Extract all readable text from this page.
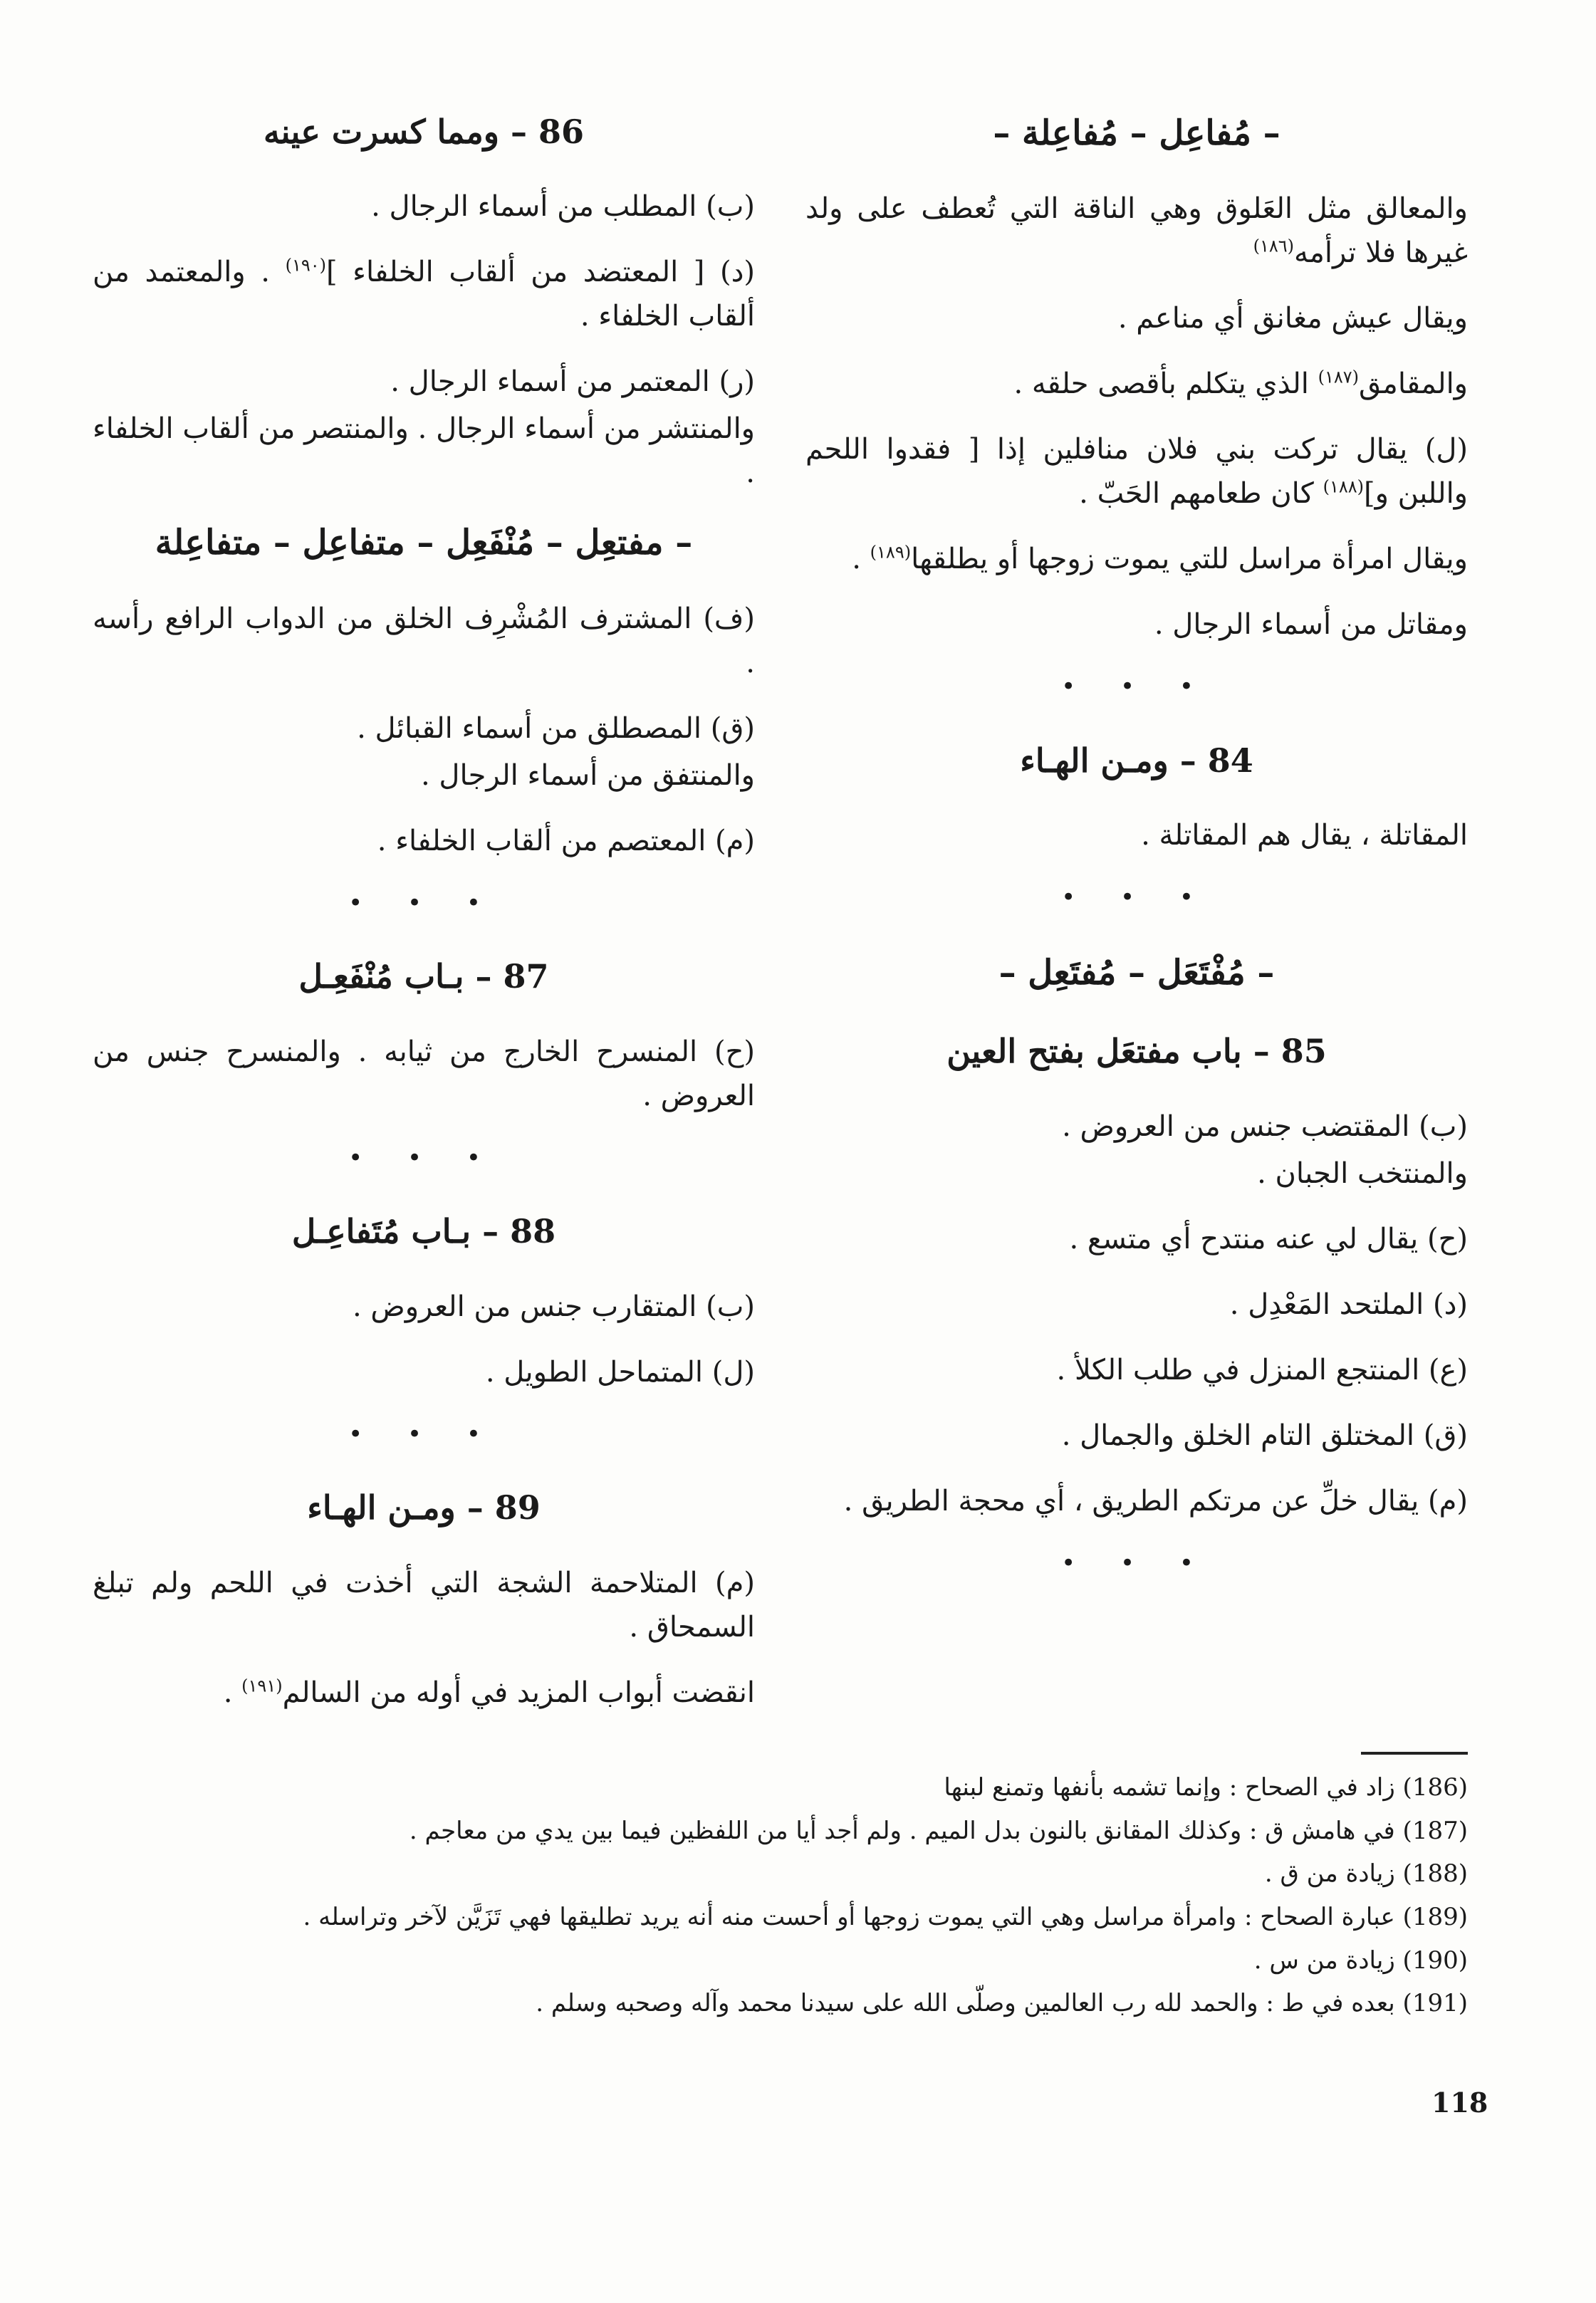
– مُفاعِل – مُفاعِلة –

والمعالق مثل العَلوق وهي الناقة التي تُعطف على ولد غيرها فلا ترأمه$^{(١٨٦)}$

ويقال عيش مغانق أي مناعم .

والمقامق$^{(١٨٧)}$ الذي يتكلم بأقصى حلقه .

(ل) يقال تركت بني فلان منافلين إذا [ فقدوا اللحم واللبن و]$^{(١٨٨)}$ كان طعامهم الحَبّ .

ويقال امرأة مراسل للتي يموت زوجها أو يطلقها$^{(١٨٩)}$ .

ومقاتل من أسماء الرجال .

• • •
84 – ومـن الهـاء

المقاتلة ، يقال هم المقاتلة .

• • •
– مُفْتَعَل – مُفتَعِل –
85 – باب مفتعَل بفتح العين

(ب) المقتضب جنس من العروض .

والمنتخب الجبان .

(ح) يقال لي عنه منتدح أي متسع .

(د) الملتحد المَعْدِل .

(ع) المنتجع المنزل في طلب الكلأ .

(ق) المختلق التام الخلق والجمال .

(م) يقال خلِّ عن مرتكم الطريق ، أي محجة الطريق .

• • •
86 – ومما كسرت عينه

(ب) المطلب من أسماء الرجال .

(د) [ المعتضد من ألقاب الخلفاء ]$^{(١٩٠)}$ . والمعتمد من ألقاب الخلفاء .

(ر) المعتمر من أسماء الرجال .

والمنتشر من أسماء الرجال . والمنتصر من ألقاب الخلفاء .

– مفتعِل – مُنْفَعِل – متفاعِل – متفاعِلة

(ف) المشترف المُشْرِف الخلق من الدواب الرافع رأسه .

(ق) المصطلق من أسماء القبائل .

والمنتفق من أسماء الرجال .

(م) المعتصم من ألقاب الخلفاء .

• • •
87 – بـاب مُنْفَعِـل

(ح) المنسرح الخارج من ثيابه . والمنسرح جنس من العروض .

• • •
88 – بـاب مُتَفاعِـل

(ب) المتقارب جنس من العروض .

(ل) المتماحل الطويل .

• • •
89 – ومـن الهـاء

(م) المتلاحمة الشجة التي أخذت في اللحم ولم تبلغ السمحاق .

انقضت أبواب المزيد في أوله من السالم$^{(١٩١)}$ .

(186) زاد في الصحاح : وإنما تشمه بأنفها وتمنع لبنها
(187) في هامش ق : وكذلك المقانق بالنون بدل الميم . ولم أجد أيا من اللفظين فيما بين يدي من معاجم .
(188) زيادة من ق .
(189) عبارة الصحاح : وامرأة مراسل وهي التي يموت زوجها أو أحست منه أنه يريد تطليقها فهي تَزَيَّن لآخر وتراسله .
(190) زيادة من س .
(191) بعده في ط : والحمد لله رب العالمين وصلّى الله على سيدنا محمد وآله وصحبه وسلم .
118
